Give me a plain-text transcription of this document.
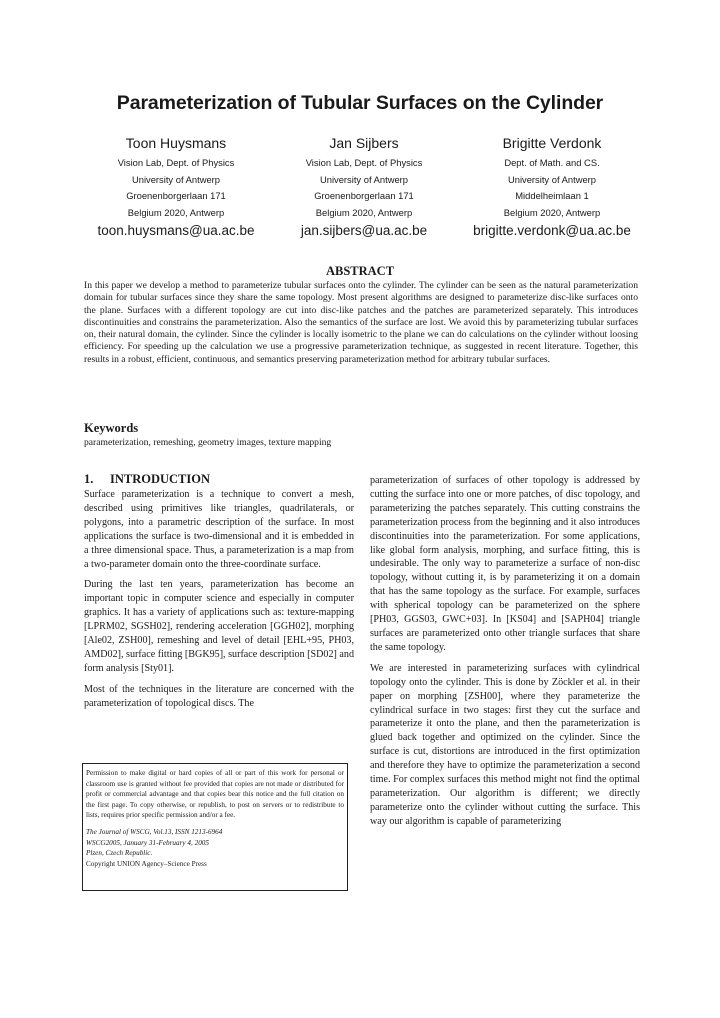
Parameterization of Tubular Surfaces on the Cylinder
Toon Huysmans
Vision Lab, Dept. of Physics
University of Antwerp
Groenenborgerlaan 171
Belgium 2020, Antwerp
toon.huysmans@ua.ac.be
Jan Sijbers
Vision Lab, Dept. of Physics
University of Antwerp
Groenenborgerlaan 171
Belgium 2020, Antwerp
jan.sijbers@ua.ac.be
Brigitte Verdonk
Dept. of Math. and CS.
University of Antwerp
Middelheimlaan 1
Belgium 2020, Antwerp
brigitte.verdonk@ua.ac.be
ABSTRACT
In this paper we develop a method to parameterize tubular surfaces onto the cylinder. The cylinder can be seen as the natural parameterization domain for tubular surfaces since they share the same topology. Most present algorithms are designed to parameterize disc-like surfaces onto the plane. Surfaces with a different topology are cut into disc-like patches and the patches are parameterized separately. This introduces discontinuities and constrains the parameterization. Also the semantics of the surface are lost. We avoid this by parameterizing tubular surfaces on, their natural domain, the cylinder. Since the cylinder is locally isometric to the plane we can do calculations on the cylinder without loosing efficiency. For speeding up the calculation we use a progressive parameterization technique, as suggested in recent literature. Together, this results in a robust, efficient, continuous, and semantics preserving parameterization method for arbitrary tubular surfaces.
Keywords
parameterization, remeshing, geometry images, texture mapping
1. INTRODUCTION

Surface parameterization is a technique to convert a mesh, described using primitives like triangles, quadrilaterals, or polygons, into a parametric description of the surface. In most applications the surface is two-dimensional and it is embedded in a three dimensional space. Thus, a parameterization is a map from a two-parameter domain onto the three-coordinate surface.

During the last ten years, parameterization has become an important topic in computer science and especially in computer graphics. It has a variety of applications such as: texture-mapping [LPRM02, SGSH02], rendering acceleration [GGH02], morphing [Ale02, ZSH00], remeshing and level of detail [EHL+95, PH03, AMD02], surface fitting [BGK95], surface description [SD02] and form analysis [Sty01].

Most of the techniques in the literature are concerned with the parameterization of topological discs. The

Permission to make digital or hard copies of all or part of this work for personal or classroom use is granted without fee provided that copies are not made or distributed for profit or commercial advantage and that copies bear this notice and the full citation on the first page. To copy otherwise, or republish, to post on servers or to redistribute to lists, requires prior specific permission and/or a fee.
The Journal of WSCG, Vol.13, ISSN 1213-6964
WSCG2005, January 31-February 4, 2005
Plzen, Czech Republic.
Copyright UNION Agency–Science Press

parameterization of surfaces of other topology is addressed by cutting the surface into one or more patches, of disc topology, and parameterizing the patches separately. This cutting constrains the parameterization process from the beginning and it also introduces discontinuities into the parameterization. For some applications, like global form analysis, morphing, and surface fitting, this is undesirable. The only way to parameterize a surface of non-disc topology, without cutting it, is by parameterizing it on a domain that has the same topology as the surface. For example, surfaces with spherical topology can be parameterized on the sphere [PH03, GGS03, GWC+03]. In [KS04] and [SAPH04] triangle surfaces are parameterized onto other triangle surfaces that share the same topology.

We are interested in parameterizing surfaces with cylindrical topology onto the cylinder. This is done by Zöckler et al. in their paper on morphing [ZSH00], where they parameterize the cylindrical surface in two stages: first they cut the surface and parameterize it onto the plane, and then the parameterization is glued back together and optimized on the cylinder. Since the surface is cut, distortions are introduced in the first optimization and therefore they have to optimize the parameterization a second time. For complex surfaces this method might not find the optimal parameterization. Our algorithm is different; we directly parameterize onto the cylinder without cutting the surface. This way our algorithm is capable of parameterizing
